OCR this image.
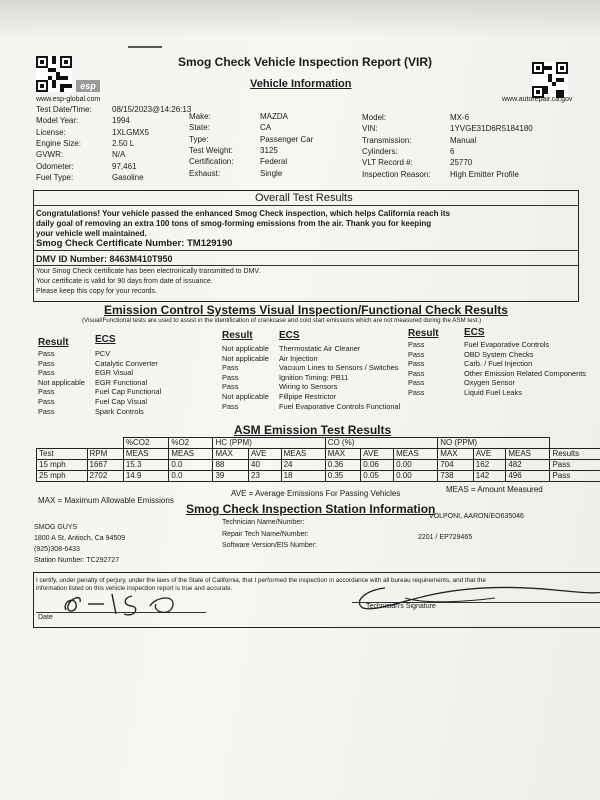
esp
www.esp-global.com
Smog Check Vehicle Inspection Report (VIR)
Vehicle Information
www.autorepair.ca.gov
Test Date/Time:	08/15/2023@14:26:13
Model Year:	1994
License:	1XLGMX5
Engine Size:	2.50 L
GVWR:	N/A
Odometer:	97,461
Fuel Type:	Gasoline
Make:	MAZDA
State:	CA
Type:	Passenger Car
Test Weight:	3125
Certification:	Federal
Exhaust:	Single
Model:	MX-6
VIN:	1YVGE31D6R5184180
Transmission:	Manual
Cylinders:	6
VLT Record #:	25770
Inspection Reason: High Emitter Profile
Overall Test Results
Congratulations! Your vehicle passed the enhanced Smog Check inspection, which helps California reach its
daily goal of removing an extra 100 tons of smog-forming emissions from the air. Thank you for keeping
your vehicle well maintained.
Smog Check Certificate Number: TM129190
DMV ID Number: 8463M410T950
Your Smog Check certificate has been electronically transmitted to DMV.
Your certificate is valid for 90 days from date of issuance.
Please keep this copy for your records.
Emission Control Systems Visual Inspection/Functional Check Results
(Visual/Functional tests are used to assist in the identification of crankcase and cold start emissions which are not measured during the ASM test.)
Result	ECS	Result	ECS	Result	ECS
Pass	PCV
Pass	Catalytic Converter
Pass	EGR Visual
Not applicable EGR Functional
Pass	Fuel Cap Functional
Pass	Fuel Cap Visual
Pass	Spark Controls
Not applicable Thermostatic Air Cleaner
Not applicable Air Injection
Pass	Vacuum Lines to Sensors / Switches
Pass	Ignition Timing: PB11
Pass	Wiring to Sensors
Not applicable Fillpipe Restrictor
Pass	Fuel Evaporative Controls Functional
Pass	Fuel Evaporative Controls
Pass	OBD System Checks
Pass	Carb. / Fuel Injection
Pass	Other Emission Related Components
Pass	Oxygen Sensor
Pass	Liquid Fuel Leaks
ASM Emission Test Results
		%CO2	%O2	HC (PPM)			CO (%)			NO (PPM)			
Test	RPM	MEAS	MEAS	MAX	AVE	MEAS	MAX	AVE	MEAS	MAX	AVE	MEAS	Results
15 mph	1667	15.3	0.0	88	40	24	0.36	0.06	0.00	704	162	482	Pass
25 mph	2702	14.9	0.0	39	23	18	0.35	0.05	0.00	738	142	496	Pass
MAX = Maximum Allowable Emissions
AVE = Average Emissions For Passing Vehicles	MEAS = Amount Measured
Smog Check Inspection Station Information
SMOG GUYS
1800 A St, Antioch, Ca 94509
(925)308-6433
Station Number: TC292727
Technician Name/Number:
VOLPONI, AARON/EO635046
Repair Tech Name/Number:
Software Version/EIS Number:
2201 / EP729465
I certify, under penalty of perjury, under the laws of the State of California, that I performed the inspection in accordance with all bureau requirements, and that the
information listed on this vehicle inspection report is true and accurate.
Date
Technician's Signature
